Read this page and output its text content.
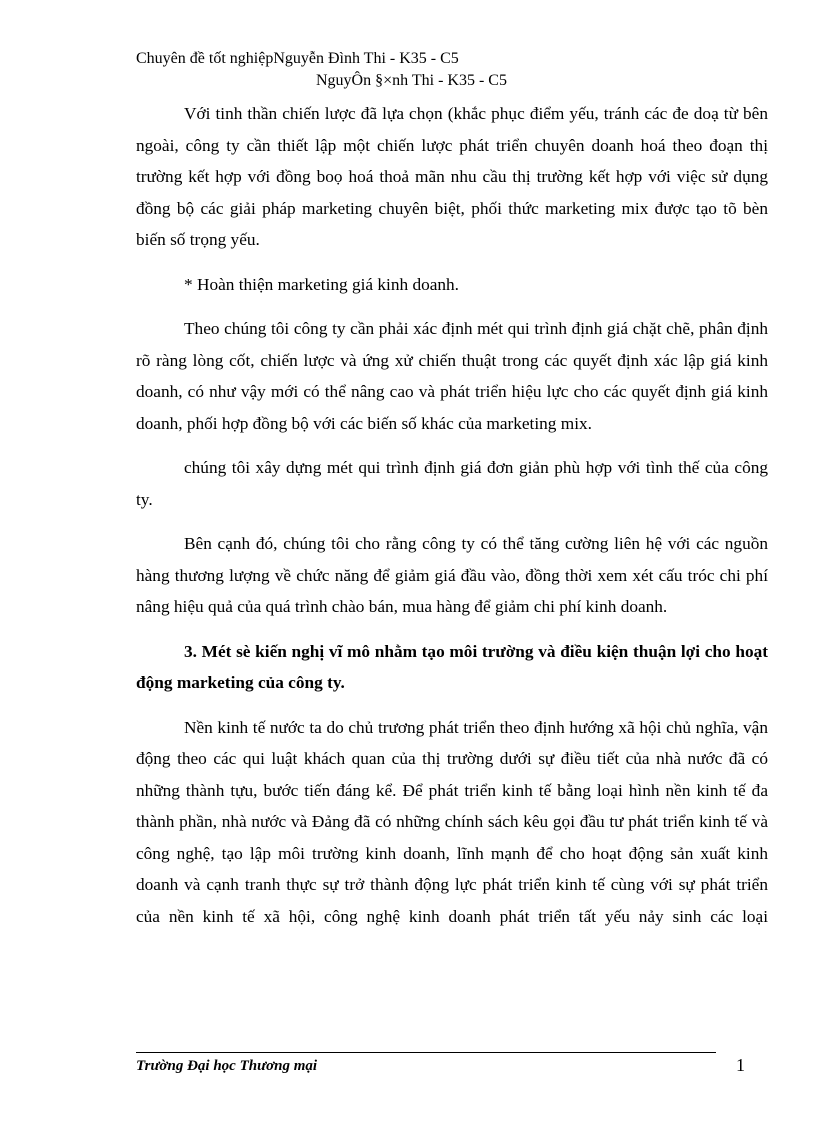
Chuyên đề tốt nghiệpNguyễn Đình Thi - K35 - C5
NguyÔn §×nh Thi - K35 - C5

Với tinh thần chiến lược đã lựa chọn (khắc phục điểm yếu, tránh các đe doạ từ bên ngoài, công ty cần thiết lập một chiến lược phát triển chuyên doanh hoá theo đoạn thị trường kết hợp với đồng boọ hoá thoả mãn nhu cầu thị trường kết hợp với việc sử dụng đồng bộ các giải pháp marketing chuyên biệt, phối thức marketing mix được tạo tõ bèn biến số trọng yếu.

* Hoàn thiện marketing giá kinh doanh.

Theo chúng tôi công ty cần phải xác định mét qui trình định giá chặt chẽ, phân định rõ ràng lòng cốt, chiến lược và ứng xử chiến thuật trong các quyết định xác lập giá kinh doanh, có như vậy mới có thể nâng cao và phát triển hiệu lực cho các quyết định giá kinh doanh, phối hợp đồng bộ với các biến số khác của marketing mix.

chúng tôi xây dựng mét qui trình định giá đơn giản phù hợp với tình thế của công ty.

Bên cạnh đó, chúng tôi cho rằng công ty có thể tăng cường liên hệ với các nguồn hàng thương lượng về chức năng để giảm giá đầu vào, đồng thời xem xét cấu tróc chi phí nâng hiệu quả của quá trình chào bán, mua hàng để giảm chi phí kinh doanh.

3. Mét sè kiến nghị vĩ mô nhằm tạo môi trường và điều kiện thuận lợi cho hoạt động marketing của công ty.

Nền kinh tế nước ta do chủ trương phát triển theo định hướng xã hội chủ nghĩa, vận động theo các qui luật khách quan của thị trường dưới sự điều tiết của nhà nước đã có những thành tựu, bước tiến đáng kể. Để phát triển kinh tế bằng loại hình nền kinh tế đa thành phần, nhà nước và Đảng đã có những chính sách kêu gọi đầu tư phát triển kinh tế và công nghệ, tạo lập môi trường kinh doanh, lĩnh mạnh để cho hoạt động sản xuất kinh doanh và cạnh tranh thực sự trở thành động lực phát triển kinh tế cùng với sự phát triển của nền kinh tế xã hội, công nghệ kinh doanh phát triển tất yếu nảy sinh các loại

Trường Đại học Thương mại	1
